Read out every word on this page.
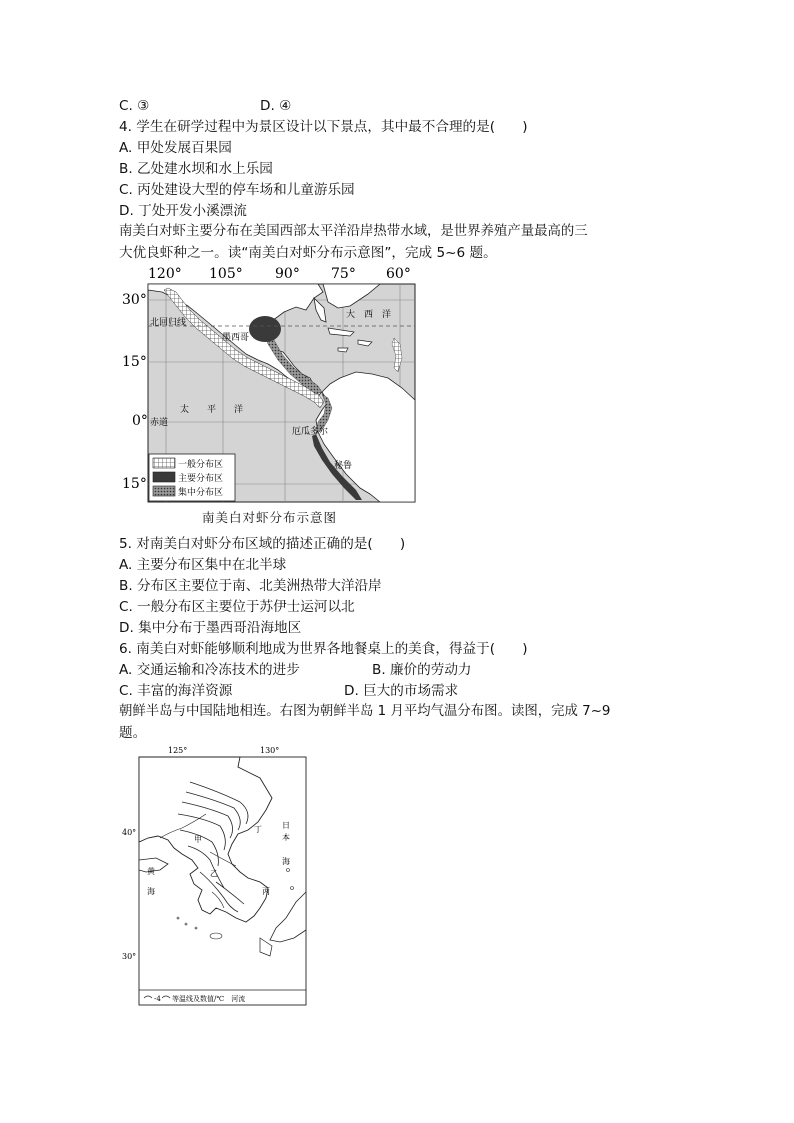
C. ③	D. ④
4. 学生在研学过程中为景区设计以下景点，其中最不合理的是(　　)
A. 甲处发展百果园
B. 乙处建水坝和水上乐园
C. 丙处建设大型的停车场和儿童游乐园
D. 丁处开发小溪漂流
南美白对虾主要分布在美国西部太平洋沿岸热带水域，是世界养殖产量最高的三
大优良虾种之一。读“南美白对虾分布示意图”，完成 5~6 题。
120° 105° 90° 75° 60°
30°
15°
0°
15°
北回归线
赤道
大　西　洋
太　　平　　洋
墨西哥
厄瓜多尔
秘鲁
一般分布区
主要分布区
集中分布区
南美白对虾分布示意图
5. 对南美白对虾分布区域的描述正确的是(　　)
A. 主要分布区集中在北半球
B. 分布区主要位于南、北美洲热带大洋沿岸
C. 一般分布区主要位于苏伊士运河以北
D. 集中分布于墨西哥沿海地区
6. 南美白对虾能够顺利地成为世界各地餐桌上的美食，得益于(　　)
A. 交通运输和冷冻技术的进步	B. 廉价的劳动力
C. 丰富的海洋资源	D. 巨大的市场需求
朝鲜半岛与中国陆地相连。右图为朝鲜半岛 1 月平均气温分布图。读图，完成 7~9
题。
125°	130°
40°
30°
甲
乙
丙
丁	日
本
海
黄
海
-4 等温线及数值/℃　河流
